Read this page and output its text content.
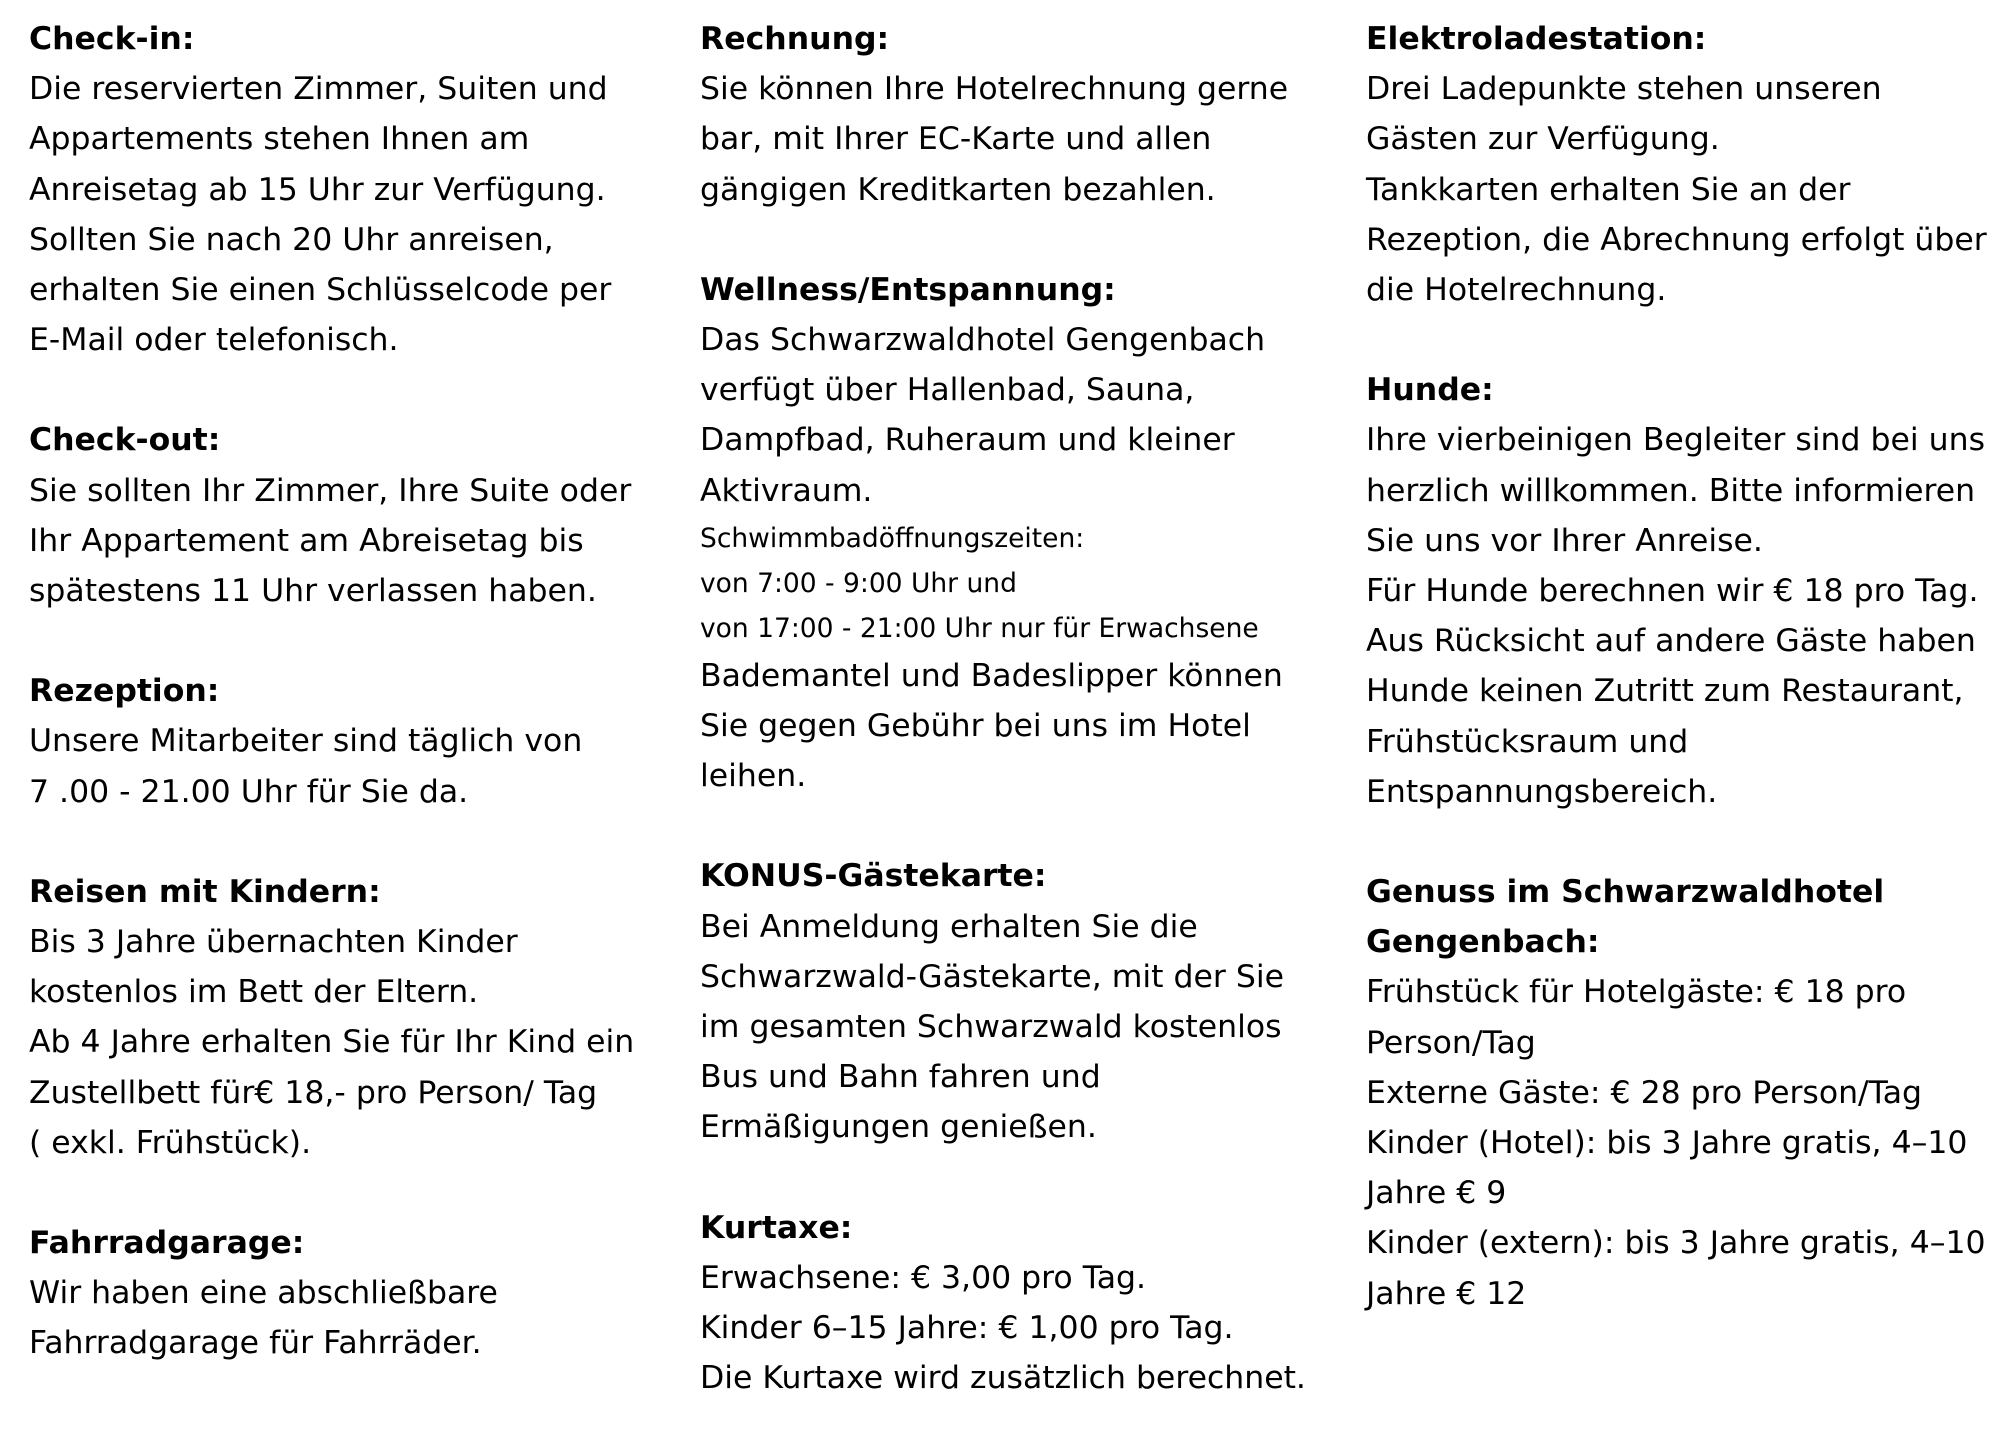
Check-in:

Die reservierten Zimmer, Suiten und

Appartements stehen Ihnen am

Anreisetag ab 15 Uhr zur Verfügung.

Sollten Sie nach 20 Uhr anreisen,

erhalten Sie einen Schlüsselcode per

E-Mail oder telefonisch.

Check-out:

Sie sollten Ihr Zimmer, Ihre Suite oder

Ihr Appartement am Abreisetag bis

spätestens 11 Uhr verlassen haben.

Rezeption:

Unsere Mitarbeiter sind täglich von

7 .00 - 21.00 Uhr für Sie da.

Reisen mit Kindern:

Bis 3 Jahre übernachten Kinder

kostenlos im Bett der Eltern.

Ab 4 Jahre erhalten Sie für Ihr Kind ein

Zustellbett für€ 18,- pro Person/ Tag

( exkl. Frühstück).

Fahrradgarage:

Wir haben eine abschließbare

Fahrradgarage für Fahrräder.

Rechnung:

Sie können Ihre Hotelrechnung gerne

bar, mit Ihrer EC-Karte und allen

gängigen Kreditkarten bezahlen.

Wellness/Entspannung:

Das Schwarzwaldhotel Gengenbach

verfügt über Hallenbad, Sauna,

Dampfbad, Ruheraum und kleiner

Aktivraum.

Schwimmbadöffnungszeiten:

von 7:00 - 9:00 Uhr und

von 17:00 - 21:00 Uhr nur für Erwachsene

Bademantel und Badeslipper können

Sie gegen Gebühr bei uns im Hotel

leihen.

KONUS-Gästekarte:

Bei Anmeldung erhalten Sie die

Schwarzwald-Gästekarte, mit der Sie

im gesamten Schwarzwald kostenlos

Bus und Bahn fahren und

Ermäßigungen genießen.

Kurtaxe:

Erwachsene: € 3,00 pro Tag.

Kinder 6–15 Jahre: € 1,00 pro Tag.

Die Kurtaxe wird zusätzlich berechnet.

Elektroladestation:

Drei Ladepunkte stehen unseren

Gästen zur Verfügung.

Tankkarten erhalten Sie an der

Rezeption, die Abrechnung erfolgt über

die Hotelrechnung.

Hunde:

Ihre vierbeinigen Begleiter sind bei uns

herzlich willkommen. Bitte informieren

Sie uns vor Ihrer Anreise.

Für Hunde berechnen wir € 18 pro Tag.

Aus Rücksicht auf andere Gäste haben

Hunde keinen Zutritt zum Restaurant,

Frühstücksraum und

Entspannungsbereich.

Genuss im Schwarzwaldhotel

Gengenbach:

Frühstück für Hotelgäste: € 18 pro

Person/Tag

Externe Gäste: € 28 pro Person/Tag

Kinder (Hotel): bis 3 Jahre gratis, 4–10

Jahre € 9

Kinder (extern): bis 3 Jahre gratis, 4–10

Jahre € 12
